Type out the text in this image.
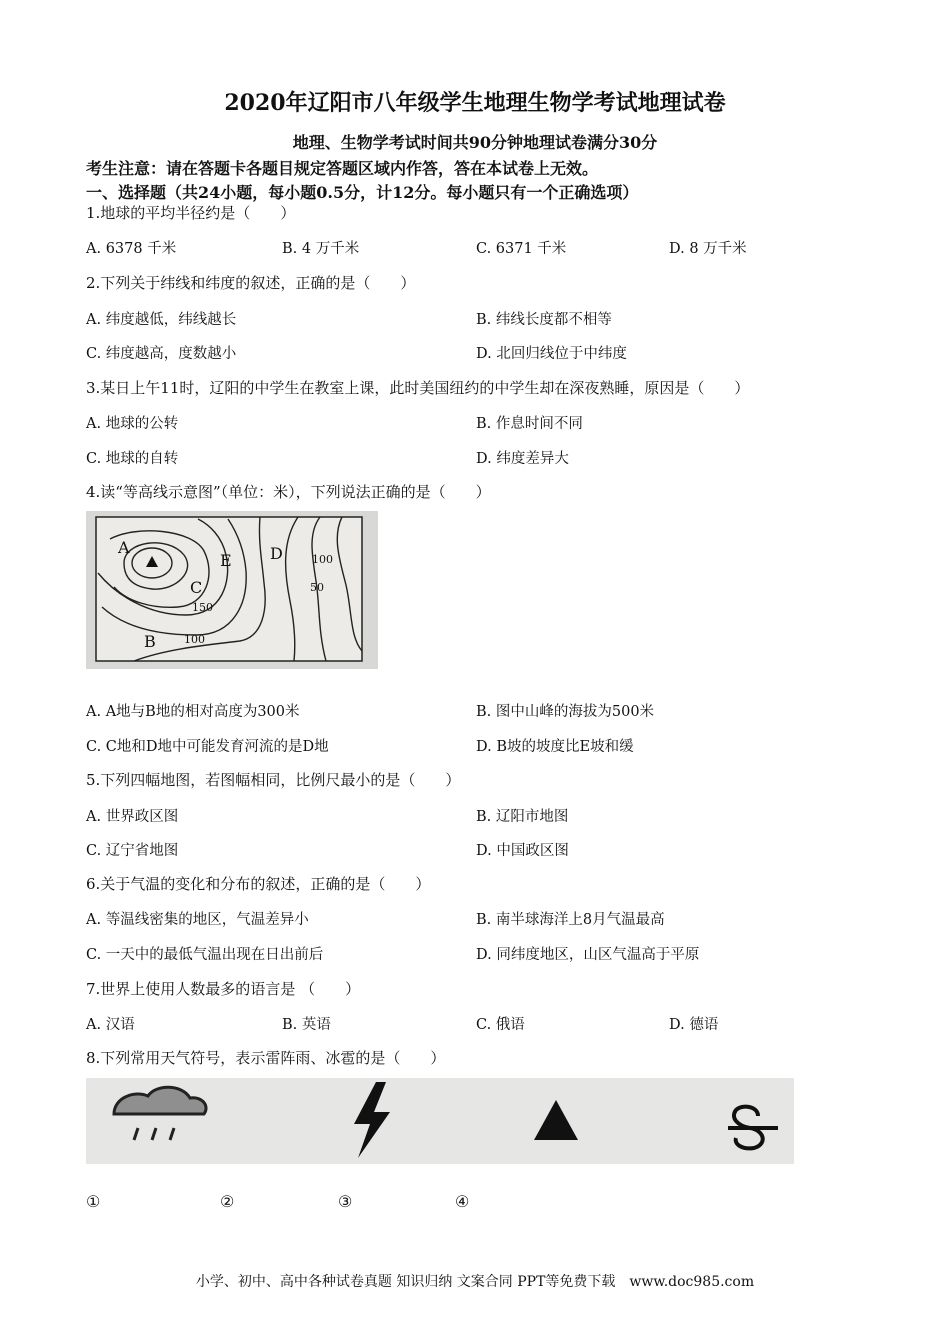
2020年辽阳市八年级学生地理生物学考试地理试卷
地理、生物学考试时间共90分钟地理试卷满分30分
考生注意：请在答题卡各题目规定答题区域内作答，答在本试卷上无效。
一、选择题（共24小题，每小题0.5分，计12分。每小题只有一个正确选项）
1.地球的平均半径约是（　　）
A. 6378 千米	B. 4 万千米	C. 6371 千米	D. 8 万千米
2.下列关于纬线和纬度的叙述，正确的是（　　）
A. 纬度越低，纬线越长	B. 纬线长度都不相等
C. 纬度越高，度数越小	D. 北回归线位于中纬度
3.某日上午11时，辽阳的中学生在教室上课，此时美国纽约的中学生却在深夜熟睡，原因是（　　）
A. 地球的公转	B. 作息时间不同
C. 地球的自转	D. 纬度差异大
4.读“等高线示意图”（单位：米），下列说法正确的是（　　）
A
C
E D
B
150
100
100
50
A. A地与B地的相对高度为300米	B. 图中山峰的海拔为500米
C. C地和D地中可能发育河流的是D地	D. B坡的坡度比E坡和缓
5.下列四幅地图，若图幅相同，比例尺最小的是（　　）
A. 世界政区图	B. 辽阳市地图
C. 辽宁省地图	D. 中国政区图
6.关于气温的变化和分布的叙述，正确的是（　　）
A. 等温线密集的地区，气温差异小	B. 南半球海洋上8月气温最高
C. 一天中的最低气温出现在日出前后	D. 同纬度地区，山区气温高于平原
7.世界上使用人数最多的语言是 （　　）
A. 汉语	B. 英语	C. 俄语	D. 德语
8.下列常用天气符号，表示雷阵雨、冰雹的是（　　）
①	②	③	④
小学、初中、高中各种试卷真题 知识归纳 文案合同 PPT等免费下载　www.doc985.com
